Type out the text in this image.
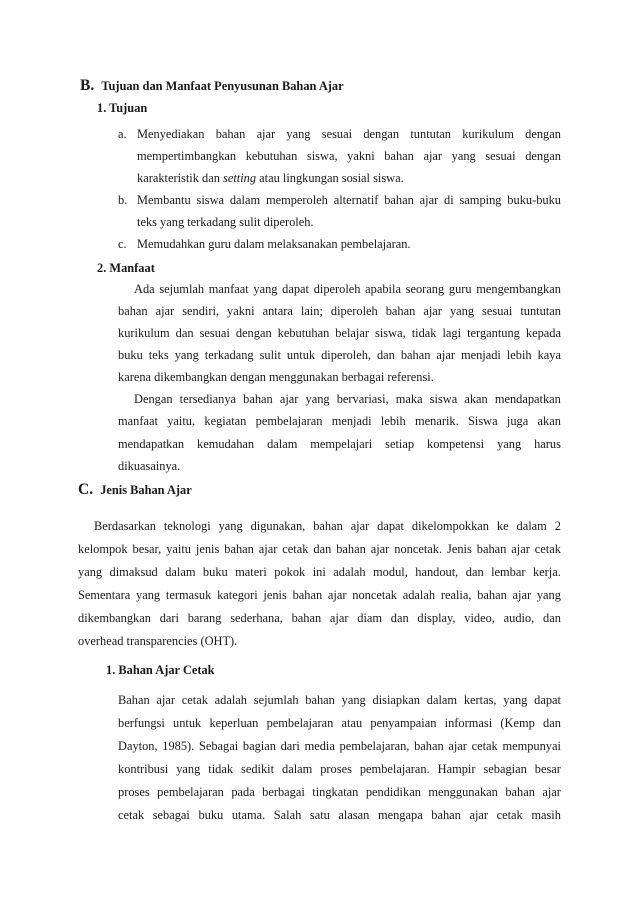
B. Tujuan dan Manfaat Penyusunan Bahan Ajar
1. Tujuan
a. Menyediakan bahan ajar yang sesuai dengan tuntutan kurikulum dengan
mempertimbangkan kebutuhan siswa, yakni bahan ajar yang sesuai dengan
karakteristik dan setting atau lingkungan sosial siswa.
b. Membantu siswa dalam memperoleh alternatif bahan ajar di samping buku-buku
teks yang terkadang sulit diperoleh.
c. Memudahkan guru dalam melaksanakan pembelajaran.
2. Manfaat
Ada sejumlah manfaat yang dapat diperoleh apabila seorang guru mengembangkan
bahan ajar sendiri, yakni antara lain; diperoleh bahan ajar yang sesuai tuntutan
kurikulum dan sesuai dengan kebutuhan belajar siswa, tidak lagi tergantung kepada
buku teks yang terkadang sulit untuk diperoleh, dan bahan ajar menjadi lebih kaya
karena dikembangkan dengan menggunakan berbagai referensi.
Dengan tersedianya bahan ajar yang bervariasi, maka siswa akan mendapatkan
manfaat yaitu, kegiatan pembelajaran menjadi lebih menarik. Siswa juga akan
mendapatkan kemudahan dalam mempelajari setiap kompetensi yang harus
dikuasainya.
C. Jenis Bahan Ajar
Berdasarkan teknologi yang digunakan, bahan ajar dapat dikelompokkan ke dalam 2
kelompok besar, yaitu jenis bahan ajar cetak dan bahan ajar noncetak. Jenis bahan ajar cetak
yang dimaksud dalam buku materi pokok ini adalah modul, handout, dan lembar kerja.
Sementara yang termasuk kategori jenis bahan ajar noncetak adalah realia, bahan ajar yang
dikembangkan dari barang sederhana, bahan ajar diam dan display, video, audio, dan
overhead transparencies (OHT).
1. Bahan Ajar Cetak
Bahan ajar cetak adalah sejumlah bahan yang disiapkan dalam kertas, yang dapat
berfungsi untuk keperluan pembelajaran atau penyampaian informasi (Kemp dan
Dayton, 1985). Sebagai bagian dari media pembelajaran, bahan ajar cetak mempunyai
kontribusi yang tidak sedikit dalam proses pembelajaran. Hampir sebagian besar
proses pembelajaran pada berbagai tingkatan pendidikan menggunakan bahan ajar
cetak sebagai buku utama. Salah satu alasan mengapa bahan ajar cetak masih
